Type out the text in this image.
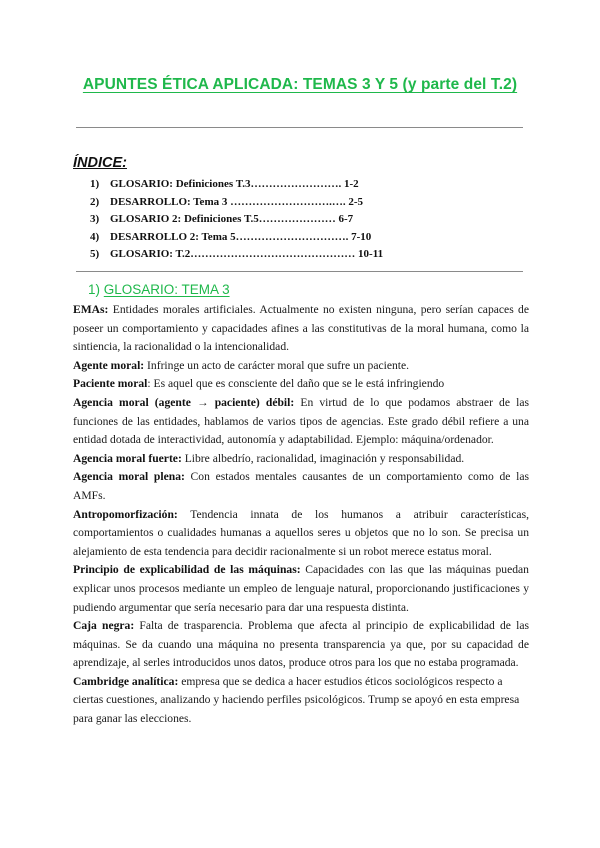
APUNTES ÉTICA APLICADA: TEMAS 3 Y 5 (y parte del T.2)
ÍNDICE:
1) GLOSARIO: Definiciones T.3……………………. 1-2
2) DESARROLLO: Tema 3 ……………………….…. 2-5
3) GLOSARIO 2: Definiciones T.5………………… 6-7
4) DESARROLLO 2: Tema 5…………………………. 7-10
5) GLOSARIO: T.2……………………………………… 10-11
1) GLOSARIO: TEMA 3

EMAs: Entidades morales artificiales. Actualmente no existen ninguna, pero serían capaces de poseer un comportamiento y capacidades afines a las constitutivas de la moral humana, como la sintiencia, la racionalidad o la intencionalidad.

Agente moral: Infringe un acto de carácter moral que sufre un paciente.

Paciente moral: Es aquel que es consciente del daño que se le está infringiendo

Agencia moral (agente → paciente) débil: En virtud de lo que podamos abstraer de las funciones de las entidades, hablamos de varios tipos de agencias. Este grado débil refiere a una entidad dotada de interactividad, autonomía y adaptabilidad. Ejemplo: máquina/ordenador.

Agencia moral fuerte: Libre albedrío, racionalidad, imaginación y responsabilidad.

Agencia moral plena: Con estados mentales causantes de un comportamiento como de las AMFs.

Antropomorfización: Tendencia innata de los humanos a atribuir características, comportamientos o cualidades humanas a aquellos seres u objetos que no lo son. Se precisa un alejamiento de esta tendencia para decidir racionalmente si un robot merece estatus moral.

Principio de explicabilidad de las máquinas: Capacidades con las que las máquinas puedan explicar unos procesos mediante un empleo de lenguaje natural, proporcionando justificaciones y pudiendo argumentar que sería necesario para dar una respuesta distinta.

Caja negra: Falta de trasparencia. Problema que afecta al principio de explicabilidad de las máquinas. Se da cuando una máquina no presenta transparencia ya que, por su capacidad de aprendizaje, al serles introducidos unos datos, produce otros para los que no estaba programada.

Cambridge analítica: empresa que se dedica a hacer estudios éticos sociológicos respecto a ciertas cuestiones, analizando y haciendo perfiles psicológicos. Trump se apoyó en esta empresa para ganar las elecciones.
